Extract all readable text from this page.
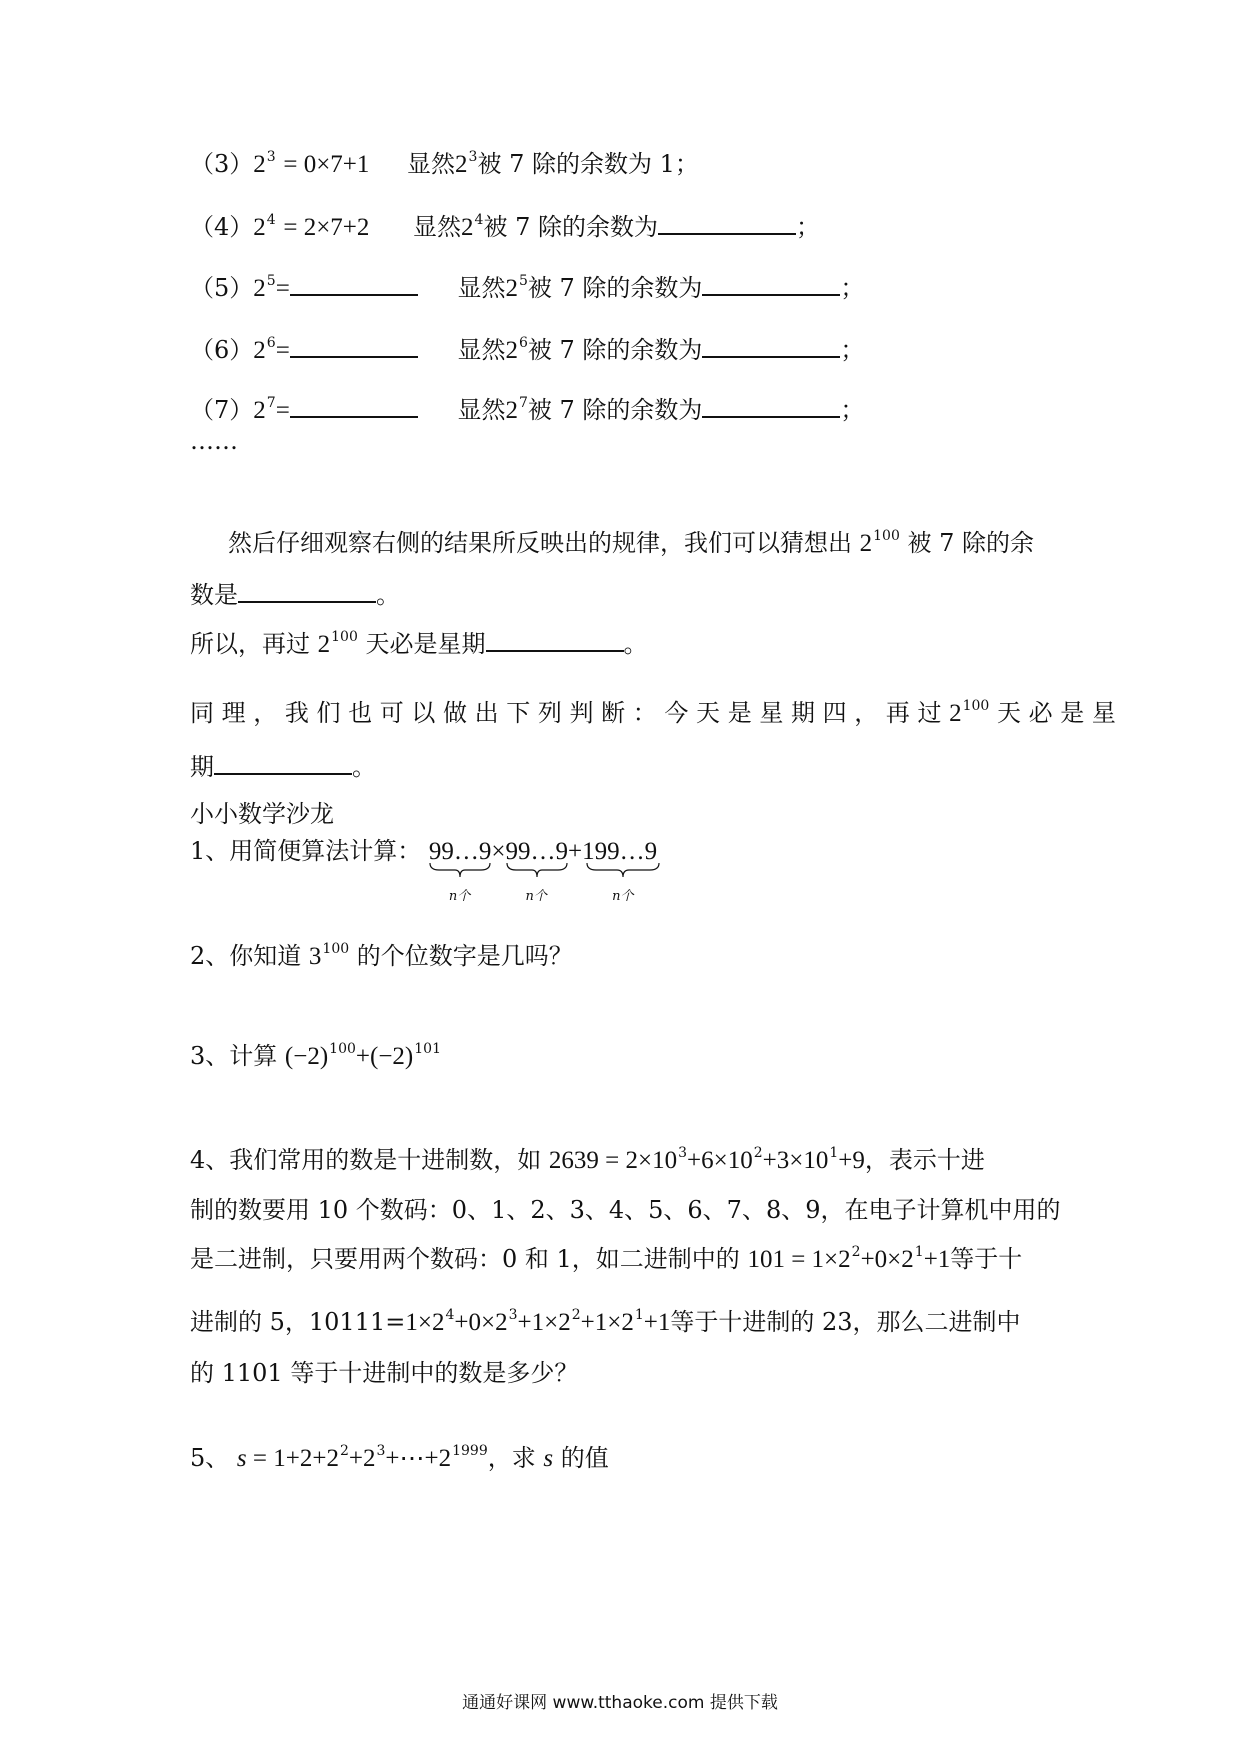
$(3)2^3 = 0\times 7+1$ 显然$2^3$被 7 除的余数为 1；
$(4)2^4 = 2\times 7+2$ 显然$2^4$被 7 除的余数为	；
$(5)2^5=$	显然$2^5$被 7 除的余数为	；
$(6)2^6=$	显然$2^6$被 7 除的余数为	；
$(7)2^7=$	显然$2^7$被 7 除的余数为	；
……
然后仔细观察右侧的结果所反映出的规律，我们可以猜想出 $2^{100}$ 被 7 除的余
数是	。
所以，再过 $2^{100}$ 天必是星期	。
同 理 ， 我 们 也 可 以 做 出 下 列 判 断 ： 今 天 是 星 期 四 ， 再 过 $2^{100}$ 天 必 是 星
期	。
小小数学沙龙
1、用简便算法计算： 99…9
n个
×99…9
n个
+199…9
n个
2、你知道 $3^{100}$ 的个位数字是几吗？
3、计算 $(-2)^{100}+(-2)^{101}$
4、我们常用的数是十进制数，如 $2639 = 2\times 10^3+6\times 10^2+3\times 10^1+9$，表示十进
制的数要用 10 个数码：0、1、2、3、4、5、6、7、8、9，在电子计算机中用的
是二进制，只要用两个数码：0 和 1，如二进制中的 $101 = 1\times 2^2+0\times 2^1+1$等于十
进制的 5，$10111=1\times 2^4+0\times 2^3+1\times 2^2+1\times 2^1+1$等于十进制的 23，那么二进制中
的 1101 等于十进制中的数是多少？
5、 $s = 1+2+2^2+2^3+\cdots+2^{1999}$，求 s 的值
通通好课网 www.tthaoke.com 提供下载
